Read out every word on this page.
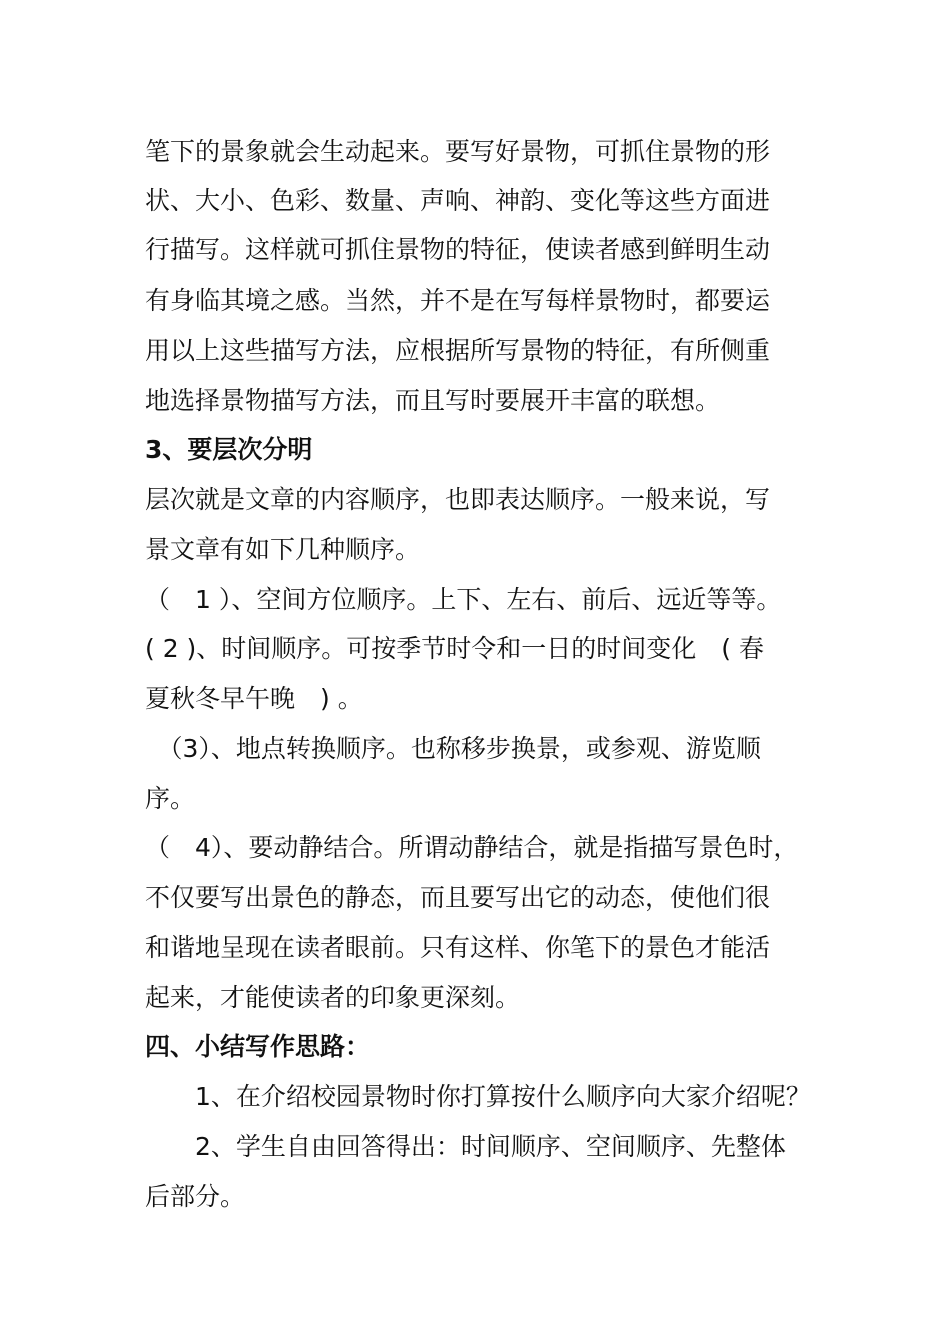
笔下的景象就会生动起来。要写好景物，可抓住景物的形

状、大小、色彩、数量、声响、神韵、变化等这些方面进

行描写。这样就可抓住景物的特征，使读者感到鲜明生动

有身临其境之感。当然，并不是在写每样景物时，都要运

用以上这些描写方法，应根据所写景物的特征，有所侧重

地选择景物描写方法，而且写时要展开丰富的联想。

3、要层次分明

层次就是文章的内容顺序，也即表达顺序。一般来说，写

景文章有如下几种顺序。

（　1 ）、空间方位顺序。上下、左右、前后、远近等等。

( 2 )、时间顺序。可按季节时令和一日的时间变化　( 春

夏秋冬早午晚　) 。

　（3）、地点转换顺序。也称移步换景，或参观、游览顺

序。

（　4）、要动静结合。所谓动静结合，就是指描写景色时，

不仅要写出景色的静态，而且要写出它的动态，使他们很

和谐地呈现在读者眼前。只有这样、你笔下的景色才能活

起来，才能使读者的印象更深刻。

四、小结写作思路：

　　1、在介绍校园景物时你打算按什么顺序向大家介绍呢？

　　2、学生自由回答得出：时间顺序、空间顺序、先整体

后部分。
